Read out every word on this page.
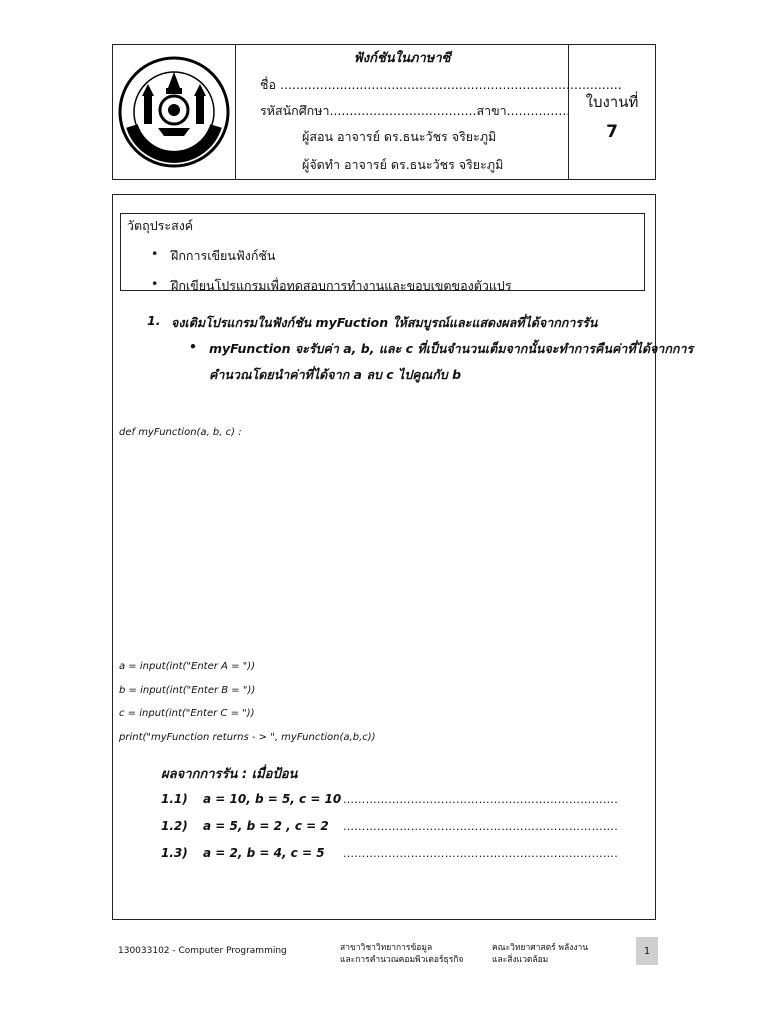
ฟังก์ชันในภาษาซี
ชื่อ ......................................................................................
รหัสนักศึกษา.....................................สาขา................
ผู้สอน อาจารย์ ดร.ธนะวัชร จริยะภูมิ
ผู้จัดทำ อาจารย์ ดร.ธนะวัชร จริยะภูมิ
ใบงานที่
7
วัตถุประสงค์
• ฝึกการเขียนฟังก์ชัน
• ฝึกเขียนโปรแกรมเพื่อทดสอบการทำงานและขอบเขตของตัวแปร
1. จงเติมโปรแกรมในฟังก์ชัน myFuction ให้สมบูรณ์และแสดงผลที่ได้จากการรัน
• myFunction จะรับค่า a, b, และ c ที่เป็นจำนวนเต็มจากนั้นจะทำการคืนค่าที่ได้จากการ
คำนวณโดยนำค่าที่ได้จาก a ลบ c ไปคูณกับ b
def myFunction(a, b, c) :
a = input(int("Enter A = "))
b = input(int("Enter B = "))
c = input(int("Enter C = "))
print("myFunction returns - > ", myFunction(a,b,c))
ผลจากการรัน : เมื่อป้อน
1.1) a = 10, b = 5, c = 10 ……………………………………………………………….
1.2) a = 5, b = 2 , c = 2 ……………………………………………………………….
1.3) a = 2, b = 4, c = 5 ……………………………………………………………….
130033102 - Computer Programming	สาขาวิชาวิทยาการข้อมูล
และการคำนวณคอมพิวเตอร์ธุรกิจ
คณะวิทยาศาสตร์ พลังงาน
และสิ่งแวดล้อม
1
